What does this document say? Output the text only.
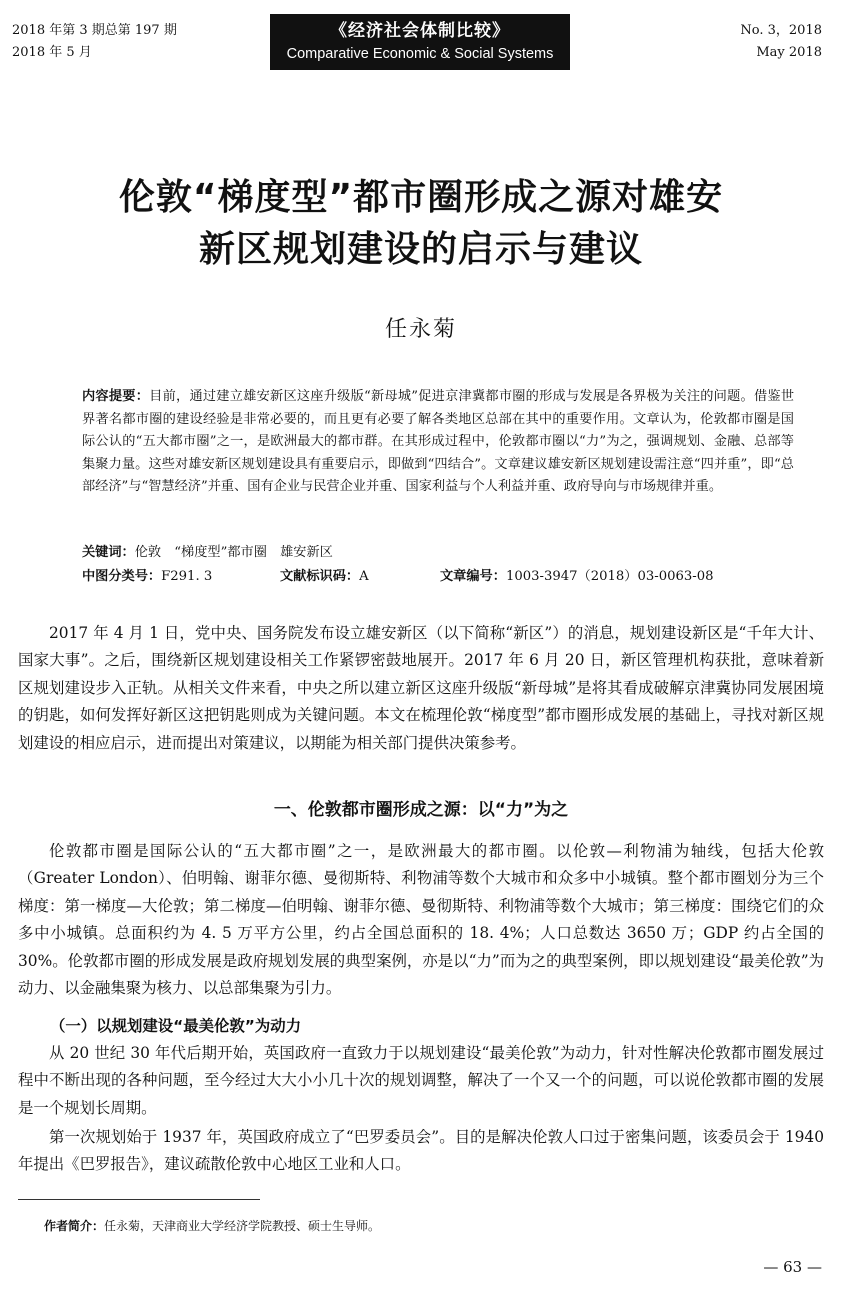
2018 年第 3 期总第 197 期
2018 年 5 月
《经济社会体制比较》
Comparative Economic & Social Systems
No. 3，2018
May 2018
伦敦“梯度型”都市圈形成之源对雄安
新区规划建设的启示与建议
任永菊
内容提要：目前，通过建立雄安新区这座升级版“新母城”促进京津冀都市圈的形成与发展是各界极为关注的问题。借鉴世界著名都市圈的建设经验是非常必要的，而且更有必要了解各类地区总部在其中的重要作用。文章认为，伦敦都市圈是国际公认的“五大都市圈”之一，是欧洲最大的都市群。在其形成过程中，伦敦都市圈以“力”为之，强调规划、金融、总部等集聚力量。这些对雄安新区规划建设具有重要启示，即做到“四结合”。文章建议雄安新区规划建设需注意“四并重”，即“总部经济”与“智慧经济”并重、国有企业与民营企业并重、国家利益与个人利益并重、政府导向与市场规律并重。
关键词：伦敦　“梯度型”都市圈　雄安新区
中图分类号：F291. 3	文献标识码：A	文章编号：1003-3947（2018）03-0063-08
2017 年 4 月 1 日，党中央、国务院发布设立雄安新区（以下简称“新区”）的消息，规划建设新区是“千年大计、国家大事”。之后，围绕新区规划建设相关工作紧锣密鼓地展开。2017 年 6 月 20 日，新区管理机构获批，意味着新区规划建设步入正轨。从相关文件来看，中央之所以建立新区这座升级版“新母城”是将其看成破解京津冀协同发展困境的钥匙，如何发挥好新区这把钥匙则成为关键问题。本文在梳理伦敦“梯度型”都市圈形成发展的基础上，寻找对新区规划建设的相应启示，进而提出对策建议，以期能为相关部门提供决策参考。
一、伦敦都市圈形成之源：以“力”为之
伦敦都市圈是国际公认的“五大都市圈”之一，是欧洲最大的都市圈。以伦敦—利物浦为轴线，包括大伦敦（Greater London）、伯明翰、谢菲尔德、曼彻斯特、利物浦等数个大城市和众多中小城镇。整个都市圈划分为三个梯度：第一梯度—大伦敦；第二梯度—伯明翰、谢菲尔德、曼彻斯特、利物浦等数个大城市；第三梯度：围绕它们的众多中小城镇。总面积约为 4. 5 万平方公里，约占全国总面积的 18. 4%；人口总数达 3650 万；GDP 约占全国的 30%。伦敦都市圈的形成发展是政府规划发展的典型案例，亦是以“力”而为之的典型案例，即以规划建设“最美伦敦”为动力、以金融集聚为核力、以总部集聚为引力。
（一）以规划建设“最美伦敦”为动力
从 20 世纪 30 年代后期开始，英国政府一直致力于以规划建设“最美伦敦”为动力，针对性解决伦敦都市圈发展过程中不断出现的各种问题，至今经过大大小小几十次的规划调整，解决了一个又一个的问题，可以说伦敦都市圈的发展是一个规划长周期。
第一次规划始于 1937 年，英国政府成立了“巴罗委员会”。目的是解决伦敦人口过于密集问题，该委员会于 1940 年提出《巴罗报告》，建议疏散伦敦中心地区工业和人口。
作者简介：任永菊，天津商业大学经济学院教授、硕士生导师。
— 63 —
